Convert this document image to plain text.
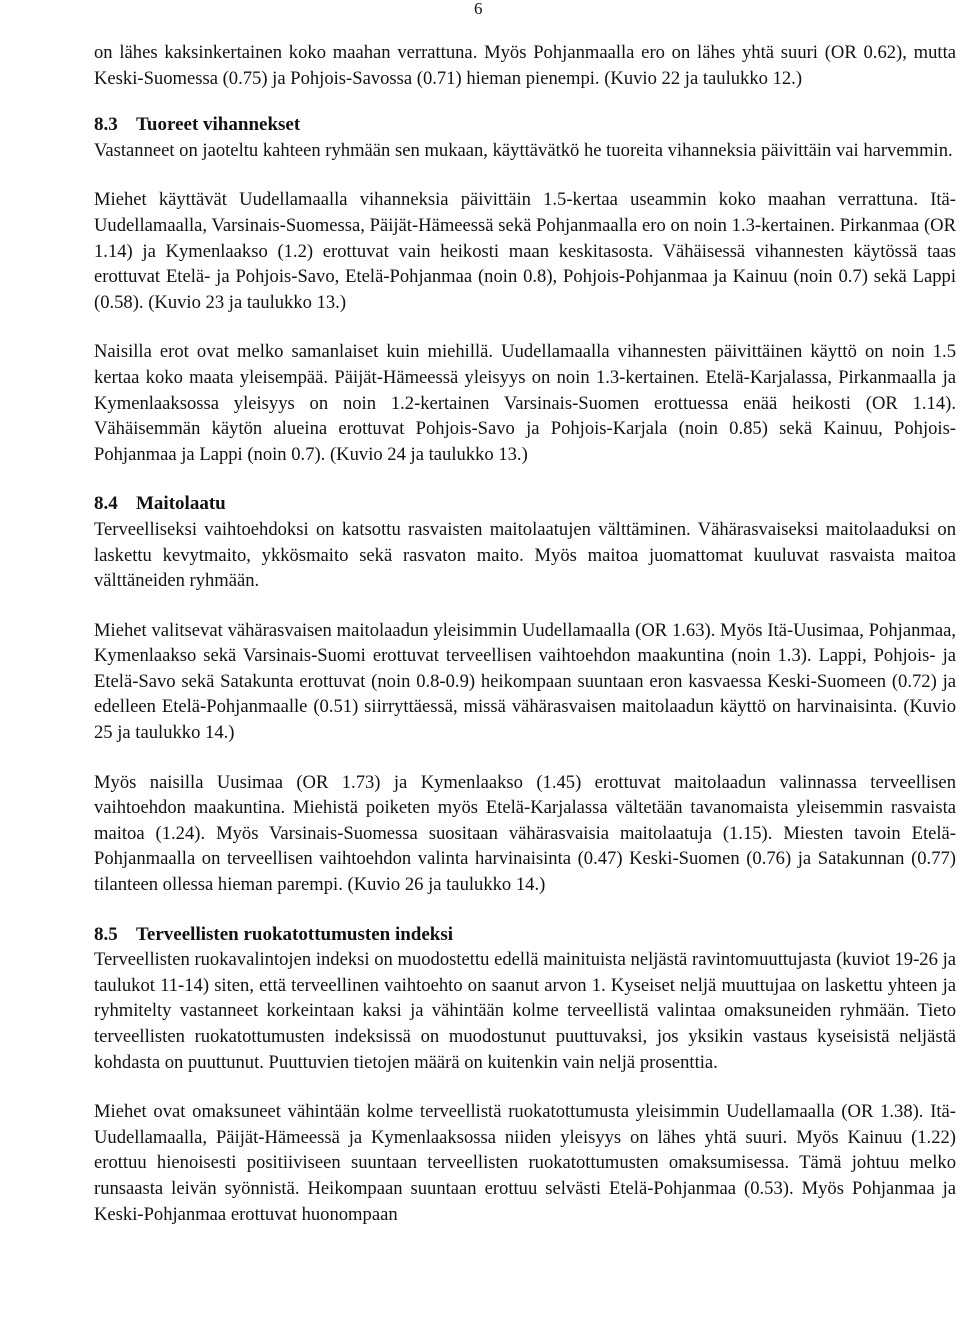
6

on lähes kaksinkertainen koko maahan verrattuna. Myös Pohjanmaalla ero on lähes yhtä suuri (OR 0.62), mutta Keski-Suomessa (0.75) ja Pohjois-Savossa (0.71) hieman pienempi. (Kuvio 22 ja taulukko 12.)

8.3 Tuoreet vihannekset

Vastanneet on jaoteltu kahteen ryhmään sen mukaan, käyttävätkö he tuoreita vihanneksia päivittäin vai harvemmin.

Miehet käyttävät Uudellamaalla vihanneksia päivittäin 1.5-kertaa useammin koko maahan verrattuna. Itä-Uudellamaalla, Varsinais-Suomessa, Päijät-Hämeessä sekä Pohjanmaalla ero on noin 1.3-kertainen. Pirkanmaa (OR 1.14) ja Kymenlaakso (1.2) erottuvat vain heikosti maan keskitasosta. Vähäisessä vihannesten käytössä taas erottuvat Etelä- ja Pohjois-Savo, Etelä-Pohjanmaa (noin 0.8), Pohjois-Pohjanmaa ja Kainuu (noin 0.7) sekä Lappi (0.58). (Kuvio 23 ja taulukko 13.)

Naisilla erot ovat melko samanlaiset kuin miehillä. Uudellamaalla vihannesten päivittäinen käyttö on noin 1.5 kertaa koko maata yleisempää. Päijät-Hämeessä yleisyys on noin 1.3-kertainen. Etelä-Karjalassa, Pirkanmaalla ja Kymenlaaksossa yleisyys on noin 1.2-kertainen Varsinais-Suomen erottuessa enää heikosti (OR 1.14). Vähäisemmän käytön alueina erottuvat Pohjois-Savo ja Pohjois-Karjala (noin 0.85) sekä Kainuu, Pohjois-Pohjanmaa ja Lappi (noin 0.7). (Kuvio 24 ja taulukko 13.)

8.4 Maitolaatu

Terveelliseksi vaihtoehdoksi on katsottu rasvaisten maitolaatujen välttäminen. Vähärasvaiseksi maitolaaduksi on laskettu kevytmaito, ykkösmaito sekä rasvaton maito. Myös maitoa juomattomat kuuluvat rasvaista maitoa välttäneiden ryhmään.

Miehet valitsevat vähärasvaisen maitolaadun yleisimmin Uudellamaalla (OR 1.63). Myös Itä-Uusimaa, Pohjanmaa, Kymenlaakso sekä Varsinais-Suomi erottuvat terveellisen vaihtoehdon maakuntina (noin 1.3). Lappi, Pohjois- ja Etelä-Savo sekä Satakunta erottuvat (noin 0.8-0.9) heikompaan suuntaan eron kasvaessa Keski-Suomeen (0.72) ja edelleen Etelä-Pohjanmaalle (0.51) siirryttäessä, missä vähärasvaisen maitolaadun käyttö on harvinaisinta. (Kuvio 25 ja taulukko 14.)

Myös naisilla Uusimaa (OR 1.73) ja Kymenlaakso (1.45) erottuvat maitolaadun valinnassa terveellisen vaihtoehdon maakuntina. Miehistä poiketen myös Etelä-Karjalassa vältetään tavanomaista yleisemmin rasvaista maitoa (1.24). Myös Varsinais-Suomessa suositaan vähärasvaisia maitolaatuja (1.15). Miesten tavoin Etelä-Pohjanmaalla on terveellisen vaihtoehdon valinta harvinaisinta (0.47) Keski-Suomen (0.76) ja Satakunnan (0.77) tilanteen ollessa hieman parempi. (Kuvio 26 ja taulukko 14.)

8.5 Terveellisten ruokatottumusten indeksi

Terveellisten ruokavalintojen indeksi on muodostettu edellä mainituista neljästä ravintomuuttujasta (kuviot 19-26 ja taulukot 11-14) siten, että terveellinen vaihtoehto on saanut arvon 1. Kyseiset neljä muuttujaa on laskettu yhteen ja ryhmitelty vastanneet korkeintaan kaksi ja vähintään kolme terveellistä valintaa omaksuneiden ryhmään. Tieto terveellisten ruokatottumusten indeksissä on muodostunut puuttuvaksi, jos yksikin vastaus kyseisistä neljästä kohdasta on puuttunut. Puuttuvien tietojen määrä on kuitenkin vain neljä prosenttia.

Miehet ovat omaksuneet vähintään kolme terveellistä ruokatottumusta yleisimmin Uudellamaalla (OR 1.38). Itä-Uudellamaalla, Päijät-Hämeessä ja Kymenlaaksossa niiden yleisyys on lähes yhtä suuri. Myös Kainuu (1.22) erottuu hienoisesti positiiviseen suuntaan terveellisten ruokatottumusten omaksumisessa. Tämä johtuu melko runsaasta leivän syönnistä. Heikompaan suuntaan erottuu selvästi Etelä-Pohjanmaa (0.53). Myös Pohjanmaa ja Keski-Pohjanmaa erottuvat huonompaan
